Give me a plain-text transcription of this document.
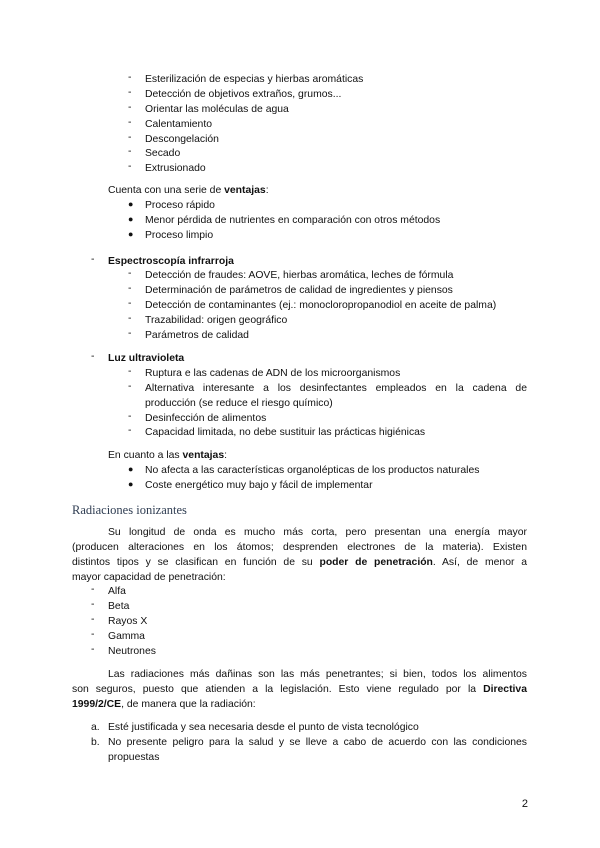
-	Esterilización de especias y hierbas aromáticas
-	Detección de objetivos extraños, grumos...
-	Orientar las moléculas de agua
-	Calentamiento
-	Descongelación
-	Secado
-	Extrusionado
Cuenta con una serie de ventajas:
● Proceso rápido
● Menor pérdida de nutrientes en comparación con otros métodos
● Proceso limpio
-	Espectroscopía infrarroja
-	Detección de fraudes: AOVE, hierbas aromática, leches de fórmula
-	Determinación de parámetros de calidad de ingredientes y piensos
-	Detección de contaminantes (ej.: monocloropropanodiol en aceite de palma)
-	Trazabilidad: origen geográfico
-	Parámetros de calidad
-	Luz ultravioleta
-	Ruptura e las cadenas de ADN de los microorganismos
-	Alternativa interesante a los desinfectantes empleados en la cadena de
producción (se reduce el riesgo químico)
-	Desinfección de alimentos
-	Capacidad limitada, no debe sustituir las prácticas higiénicas
En cuanto a las ventajas:
● No afecta a las características organolépticas de los productos naturales
● Coste energético muy bajo y fácil de implementar
Radiaciones ionizantes
Su longitud de onda es mucho más corta, pero presentan una energía mayor
(producen alteraciones en los átomos; desprenden electrones de la materia). Existen
distintos tipos y se clasifican en función de su poder de penetración. Así, de menor a
mayor capacidad de penetración:
-	Alfa
-	Beta
-	Rayos X
-	Gamma
-	Neutrones
Las radiaciones más dañinas son las más penetrantes; si bien, todos los alimentos
son seguros, puesto que atienden a la legislación. Esto viene regulado por la Directiva
1999/2/CE, de manera que la radiación:
a. Esté justificada y sea necesaria desde el punto de vista tecnológico
b. No presente peligro para la salud y se lleve a cabo de acuerdo con las condiciones
propuestas
2
